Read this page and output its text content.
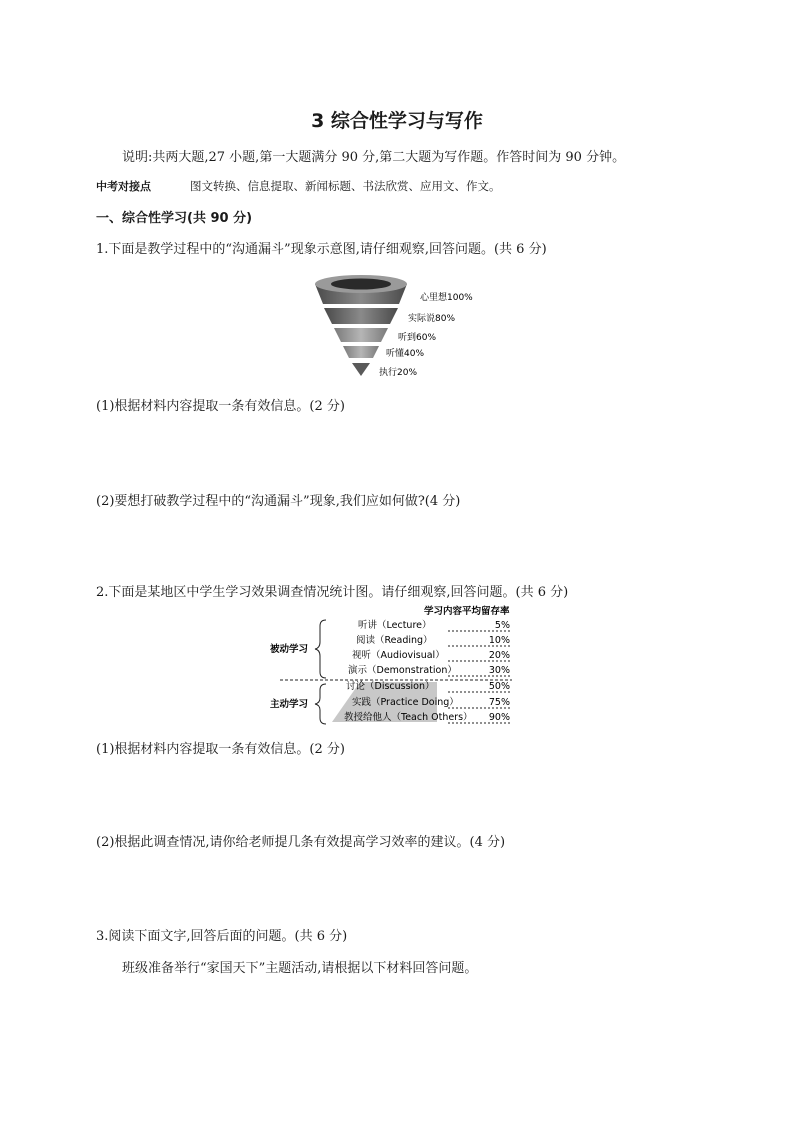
3 综合性学习与写作
说明:共两大题,27 小题,第一大题满分 90 分,第二大题为写作题。作答时间为 90 分钟。
中考对接点	图文转换、信息提取、新闻标题、书法欣赏、应用文、作文。
一、综合性学习(共 90 分)
1.下面是教学过程中的“沟通漏斗”现象示意图,请仔细观察,回答问题。(共 6 分)
心里想100%
实际说80%
听到60%
听懂40%
执行20%
(1)根据材料内容提取一条有效信息。(2 分)
(2)要想打破教学过程中的“沟通漏斗”现象,我们应如何做?(4 分)
2.下面是某地区中学生学习效果调查情况统计图。请仔细观察,回答问题。(共 6 分)
学习内容平均留存率
被动学习
主动学习
听讲（Lecture）	5%
阅读（Reading）	10%
视听（Audiovisual）	20%
演示（Demonstration）	30%
讨论（Discussion）	50%
实践（Practice Doing）	75%
教授给他人（Teach Others） 90%
(1)根据材料内容提取一条有效信息。(2 分)
(2)根据此调查情况,请你给老师提几条有效提高学习效率的建议。(4 分)
3.阅读下面文字,回答后面的问题。(共 6 分)
班级准备举行“家国天下”主题活动,请根据以下材料回答问题。
